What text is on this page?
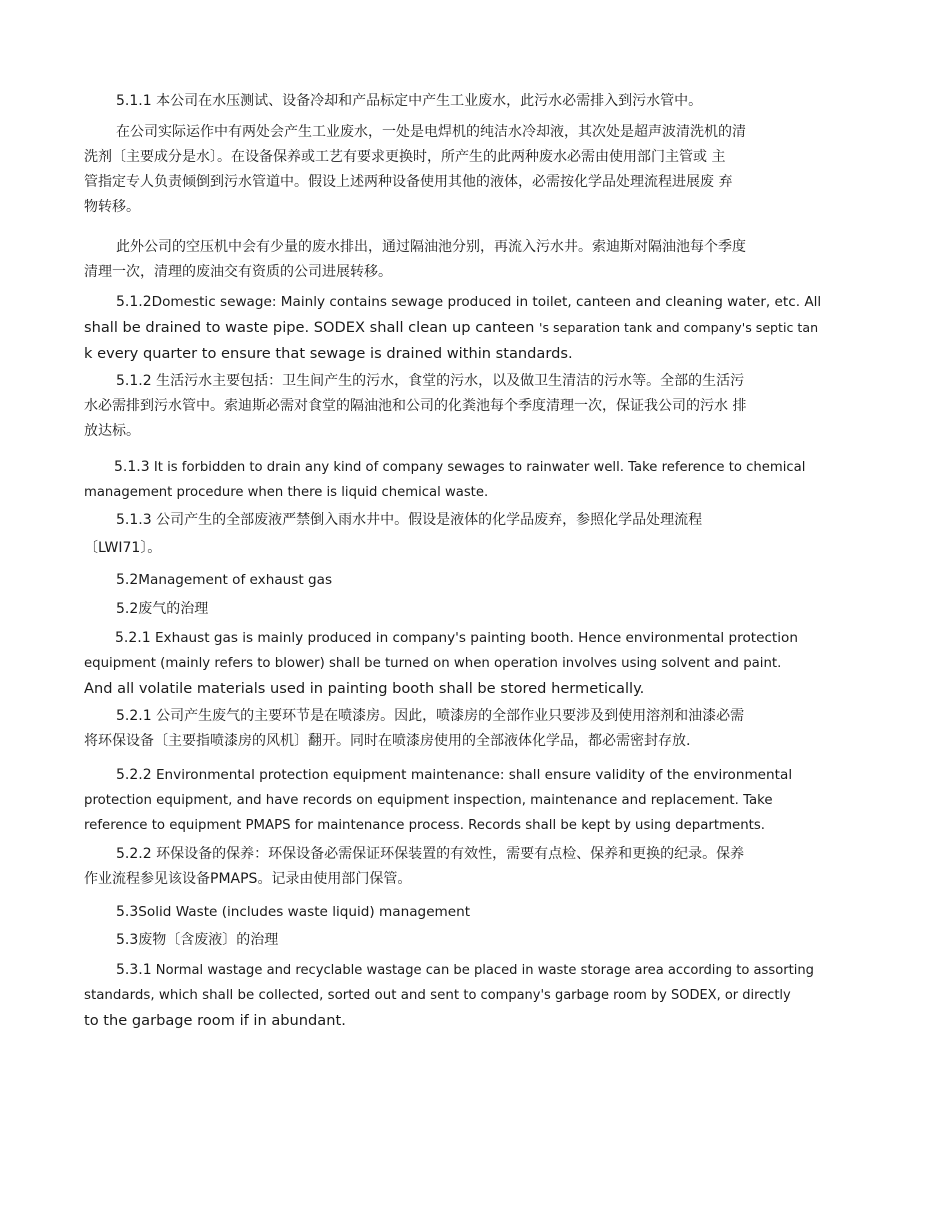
5.1.1 本公司在水压测试、设备冷却和产品标定中产生工业废水，此污水必需排入到污水管中。
在公司实际运作中有两处会产生工业废水，一处是电焊机的纯洁水冷却液，其次处是超声波清洗机的清
洗剂〔主要成分是水〕。在设备保养或工艺有要求更换时，所产生的此两种废水必需由使用部门主管或 主
管指定专人负责倾倒到污水管道中。假设上述两种设备使用其他的液体，必需按化学品处理流程进展废 弃
物转移。
此外公司的空压机中会有少量的废水排出，通过隔油池分别，再流入污水井。索迪斯对隔油池每个季度
清理一次，清理的废油交有资质的公司进展转移。
5.1.2Domestic sewage: Mainly contains sewage produced in toilet, canteen and cleaning water, etc. All
shall be drained to waste pipe. SODEX shall clean up canteen 's separation tank and company's septic tan
k every quarter to ensure that sewage is drained within standards.
5.1.2 生活污水主要包括：卫生间产生的污水，食堂的污水，以及做卫生清洁的污水等。全部的生活污
水必需排到污水管中。索迪斯必需对食堂的隔油池和公司的化粪池每个季度清理一次，保证我公司的污水 排
放达标。
5.1.3 It is forbidden to drain any kind of company sewages to rainwater well. Take reference to chemical
management procedure when there is liquid chemical waste.
5.1.3 公司产生的全部废液严禁倒入雨水井中。假设是液体的化学品废弃，参照化学品处理流程
〔LWI71〕。
5.2Management of exhaust gas
5.2废气的治理
5.2.1 Exhaust gas is mainly produced in company's painting booth. Hence environmental protection
equipment (mainly refers to blower) shall be turned on when operation involves using solvent and paint.
And all volatile materials used in painting booth shall be stored hermetically.
5.2.1 公司产生废气的主要环节是在喷漆房。因此，喷漆房的全部作业只要涉及到使用溶剂和油漆必需
将环保设备〔主要指喷漆房的风机〕翻开。同时在喷漆房使用的全部液体化学品，都必需密封存放.
5.2.2 Environmental protection equipment maintenance: shall ensure validity of the environmental
protection equipment, and have records on equipment inspection, maintenance and replacement. Take
reference to equipment PMAPS for maintenance process. Records shall be kept by using departments.
5.2.2 环保设备的保养：环保设备必需保证环保装置的有效性，需要有点检、保养和更换的纪录。保养
作业流程参见该设备PMAPS。记录由使用部门保管。
5.3Solid Waste (includes waste liquid) management
5.3废物〔含废液〕的治理
5.3.1 Normal wastage and recyclable wastage can be placed in waste storage area according to assorting
standards, which shall be collected, sorted out and sent to company's garbage room by SODEX, or directly
to the garbage room if in abundant.
